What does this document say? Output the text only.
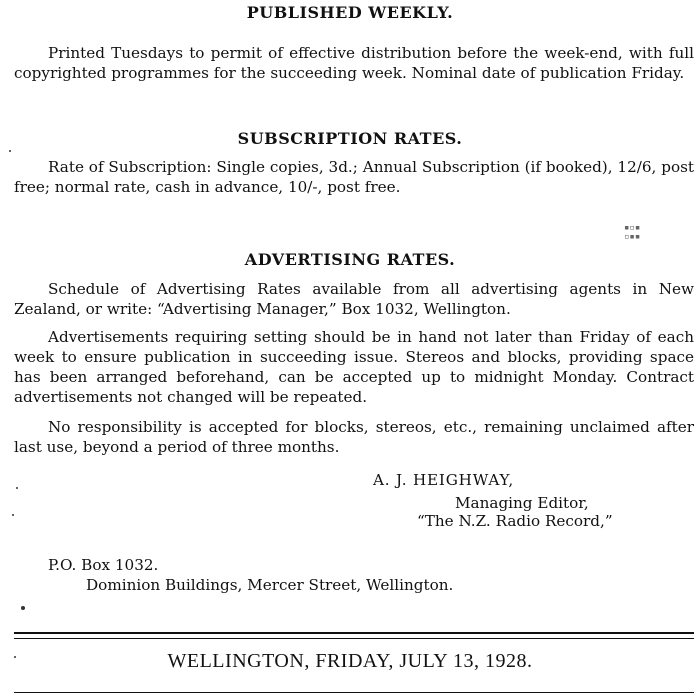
PUBLISHED WEEKLY.
Printed Tuesdays to permit of effective distribution before the week-end, with full copyrighted programmes for the succeeding week. Nominal date of publication Friday.
SUBSCRIPTION RATES.
Rate of Subscription: Single copies, 3d.; Annual Subscription (if booked), 12/6, post free; normal rate, cash in advance, 10/-, post free.
▪▫▪
▫▪▪
ADVERTISING RATES.
Schedule of Advertising Rates available from all advertising agents in New Zealand, or write: “Advertising Manager,” Box 1032, Wellington.
Advertisements requiring setting should be in hand not later than Friday of each week to ensure publication in succeeding issue. Stereos and blocks, providing space has been arranged beforehand, can be accepted up to midnight Monday. Contract advertisements not changed will be repeated.
No responsibility is accepted for blocks, stereos, etc., remaining unclaimed after last use, beyond a period of three months.
A. J. HEIGHWAY,
Managing Editor,
“The N.Z. Radio Record,”
P.O. Box 1032.
Dominion Buildings, Mercer Street, Wellington.
WELLINGTON, FRIDAY, JULY 13, 1928.
